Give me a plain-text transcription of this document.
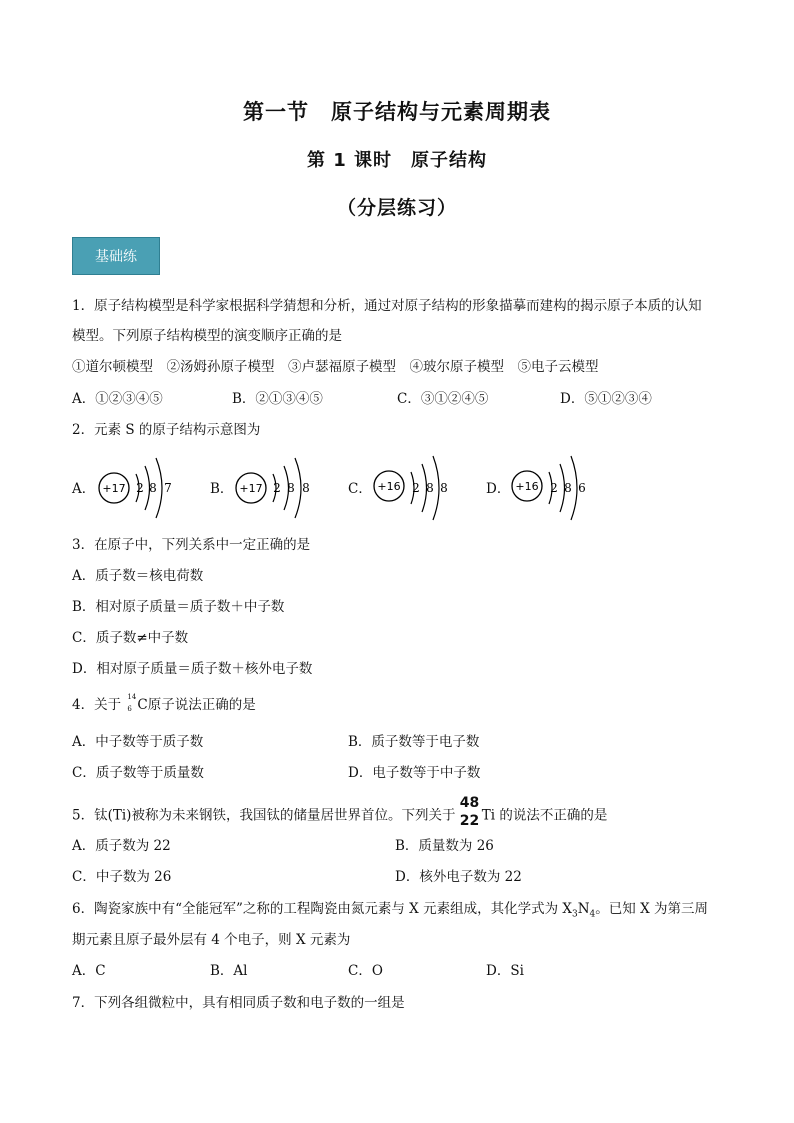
第一节　原子结构与元素周期表
第 1 课时　原子结构
（分层练习）
基础练
1．原子结构模型是科学家根据科学猜想和分析，通过对原子结构的形象描摹而建构的揭示原子本质的认知
模型。下列原子结构模型的演变顺序正确的是
①道尔顿模型　②汤姆孙原子模型　③卢瑟福原子模型　④玻尔原子模型　⑤电子云模型
A．①②③④⑤	B．②①③④⑤	C．③①②④⑤	D．⑤①②③④
2．元素 S 的原子结构示意图为
A． +17 2 8 7	B． +17 2 8 8	C． +16 2 8 8	D． +16 2 8 6
3．在原子中，下列关系中一定正确的是
A．质子数＝核电荷数
B．相对原子质量＝质子数＋中子数
C．质子数≠中子数
D．相对原子质量＝质子数＋核外电子数
4．关于
14
6 C原子说法正确的是
A．中子数等于质子数	B．质子数等于电子数
C．质子数等于质量数	D．电子数等于中子数
5．钛(Ti)被称为未来钢铁，我国钛的储量居世界首位。下列关于
48
22 Ti 的说法不正确的是
A．质子数为 22	B．质量数为 26
C．中子数为 26	D．核外电子数为 22
6．陶瓷家族中有“全能冠军”之称的工程陶瓷由氮元素与 X 元素组成，其化学式为 $X_3N_4$。已知 X 为第三周
期元素且原子最外层有 4 个电子，则 X 元素为
A．C	B．Al	C．O	D．Si
7．下列各组微粒中，具有相同质子数和电子数的一组是
